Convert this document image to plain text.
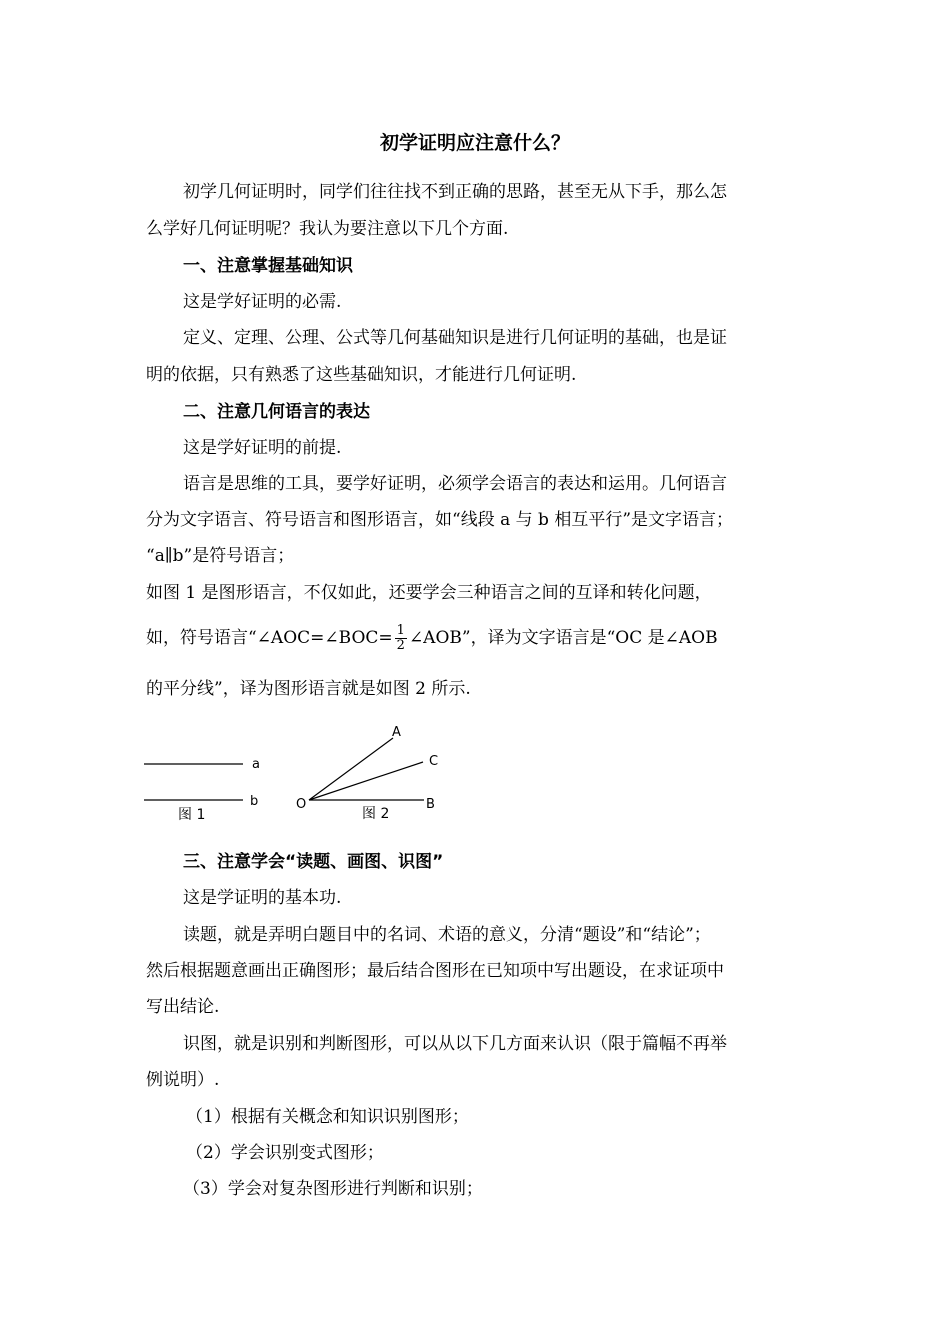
初学证明应注意什么？
初学几何证明时，同学们往往找不到正确的思路，甚至无从下手，那么怎
么学好几何证明呢？我认为要注意以下几个方面.
一、注意掌握基础知识
这是学好证明的必需.
定义、定理、公理、公式等几何基础知识是进行几何证明的基础，也是证
明的依据，只有熟悉了这些基础知识，才能进行几何证明.
二、注意几何语言的表达
这是学好证明的前提.
语言是思维的工具，要学好证明，必须学会语言的表达和运用。几何语言
分为文字语言、符号语言和图形语言，如“线段 a 与 b 相互平行”是文字语言；
“a∥b”是符号语言；
如图 1 是图形语言，不仅如此，还要学会三种语言之间的互译和转化问题，
如，符号语言“∠AOC=∠BOC= $\frac{1}{2}$ ∠AOB”，译为文字语言是“OC 是∠AOB
的平分线”，译为图形语言就是如图 2 所示.
a
b
图 1
A
C
O	B
图 2
三、注意学会“读题、画图、识图”
这是学证明的基本功.
读题，就是弄明白题目中的名词、术语的意义，分清“题设”和“结论”；
然后根据题意画出正确图形；最后结合图形在已知项中写出题设，在求证项中
写出结论.
识图，就是识别和判断图形，可以从以下几方面来认识（限于篇幅不再举
例说明）.
（1）根据有关概念和知识识别图形；
（2）学会识别变式图形；
（3）学会对复杂图形进行判断和识别；
